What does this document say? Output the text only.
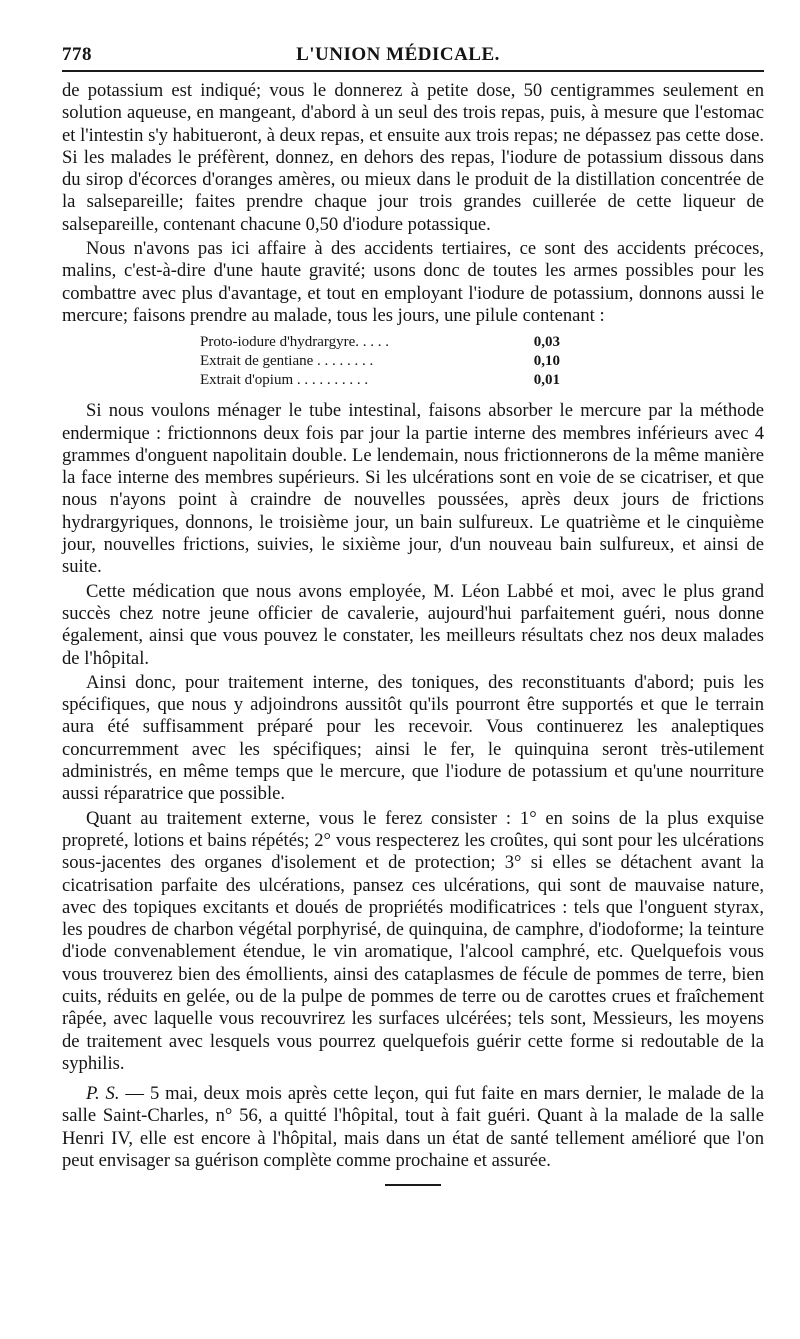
778	L'UNION MÉDICALE.

de potassium est indiqué; vous le donnerez à petite dose, 50 centigrammes seulement en solution aqueuse, en mangeant, d'abord à un seul des trois repas, puis, à mesure que l'estomac et l'intestin s'y habitueront, à deux repas, et ensuite aux trois repas; ne dépassez pas cette dose. Si les malades le préfèrent, donnez, en dehors des repas, l'iodure de potassium dissous dans du sirop d'écorces d'oranges amères, ou mieux dans le produit de la distillation concentrée de la salsepareille; faites prendre chaque jour trois grandes cuillerée de cette liqueur de salsepareille, contenant chacune 0,50 d'iodure potassique.

Nous n'avons pas ici affaire à des accidents tertiaires, ce sont des accidents précoces, malins, c'est-à-dire d'une haute gravité; usons donc de toutes les armes possibles pour les combattre avec plus d'avantage, et tout en employant l'iodure de potassium, donnons aussi le mercure; faisons prendre au malade, tous les jours, une pilule contenant :

Proto-iodure d'hydrargyre. . . . .	0,03
Extrait de gentiane . . . . . . . .	0,10
Extrait d'opium . . . . . . . . . .	0,01

Si nous voulons ménager le tube intestinal, faisons absorber le mercure par la méthode endermique : frictionnons deux fois par jour la partie interne des membres inférieurs avec 4 grammes d'onguent napolitain double. Le lendemain, nous frictionnerons de la même manière la face interne des membres supérieurs. Si les ulcérations sont en voie de se cicatriser, et que nous n'ayons point à craindre de nouvelles poussées, après deux jours de frictions hydrargyriques, donnons, le troisième jour, un bain sulfureux. Le quatrième et le cinquième jour, nouvelles frictions, suivies, le sixième jour, d'un nouveau bain sulfureux, et ainsi de suite.

Cette médication que nous avons employée, M. Léon Labbé et moi, avec le plus grand succès chez notre jeune officier de cavalerie, aujourd'hui parfaitement guéri, nous donne également, ainsi que vous pouvez le constater, les meilleurs résultats chez nos deux malades de l'hôpital.

Ainsi donc, pour traitement interne, des toniques, des reconstituants d'abord; puis les spécifiques, que nous y adjoindrons aussitôt qu'ils pourront être supportés et que le terrain aura été suffisamment préparé pour les recevoir. Vous continuerez les analeptiques concurremment avec les spécifiques; ainsi le fer, le quinquina seront très-utilement administrés, en même temps que le mercure, que l'iodure de potassium et qu'une nourriture aussi réparatrice que possible.

Quant au traitement externe, vous le ferez consister : 1° en soins de la plus exquise propreté, lotions et bains répétés; 2° vous respecterez les croûtes, qui sont pour les ulcérations sous-jacentes des organes d'isolement et de protection; 3° si elles se détachent avant la cicatrisation parfaite des ulcérations, pansez ces ulcérations, qui sont de mauvaise nature, avec des topiques excitants et doués de propriétés modificatrices : tels que l'onguent styrax, les poudres de charbon végétal porphyrisé, de quinquina, de camphre, d'iodoforme; la teinture d'iode convenablement étendue, le vin aromatique, l'alcool camphré, etc. Quelquefois vous vous trouverez bien des émollients, ainsi des cataplasmes de fécule de pommes de terre, bien cuits, réduits en gelée, ou de la pulpe de pommes de terre ou de carottes crues et fraîchement râpée, avec laquelle vous recouvrirez les surfaces ulcérées; tels sont, Messieurs, les moyens de traitement avec lesquels vous pourrez quelquefois guérir cette forme si redoutable de la syphilis.

P. S. — 5 mai, deux mois après cette leçon, qui fut faite en mars dernier, le malade de la salle Saint-Charles, n° 56, a quitté l'hôpital, tout à fait guéri. Quant à la malade de la salle Henri IV, elle est encore à l'hôpital, mais dans un état de santé tellement amélioré que l'on peut envisager sa guérison complète comme prochaine et assurée.
